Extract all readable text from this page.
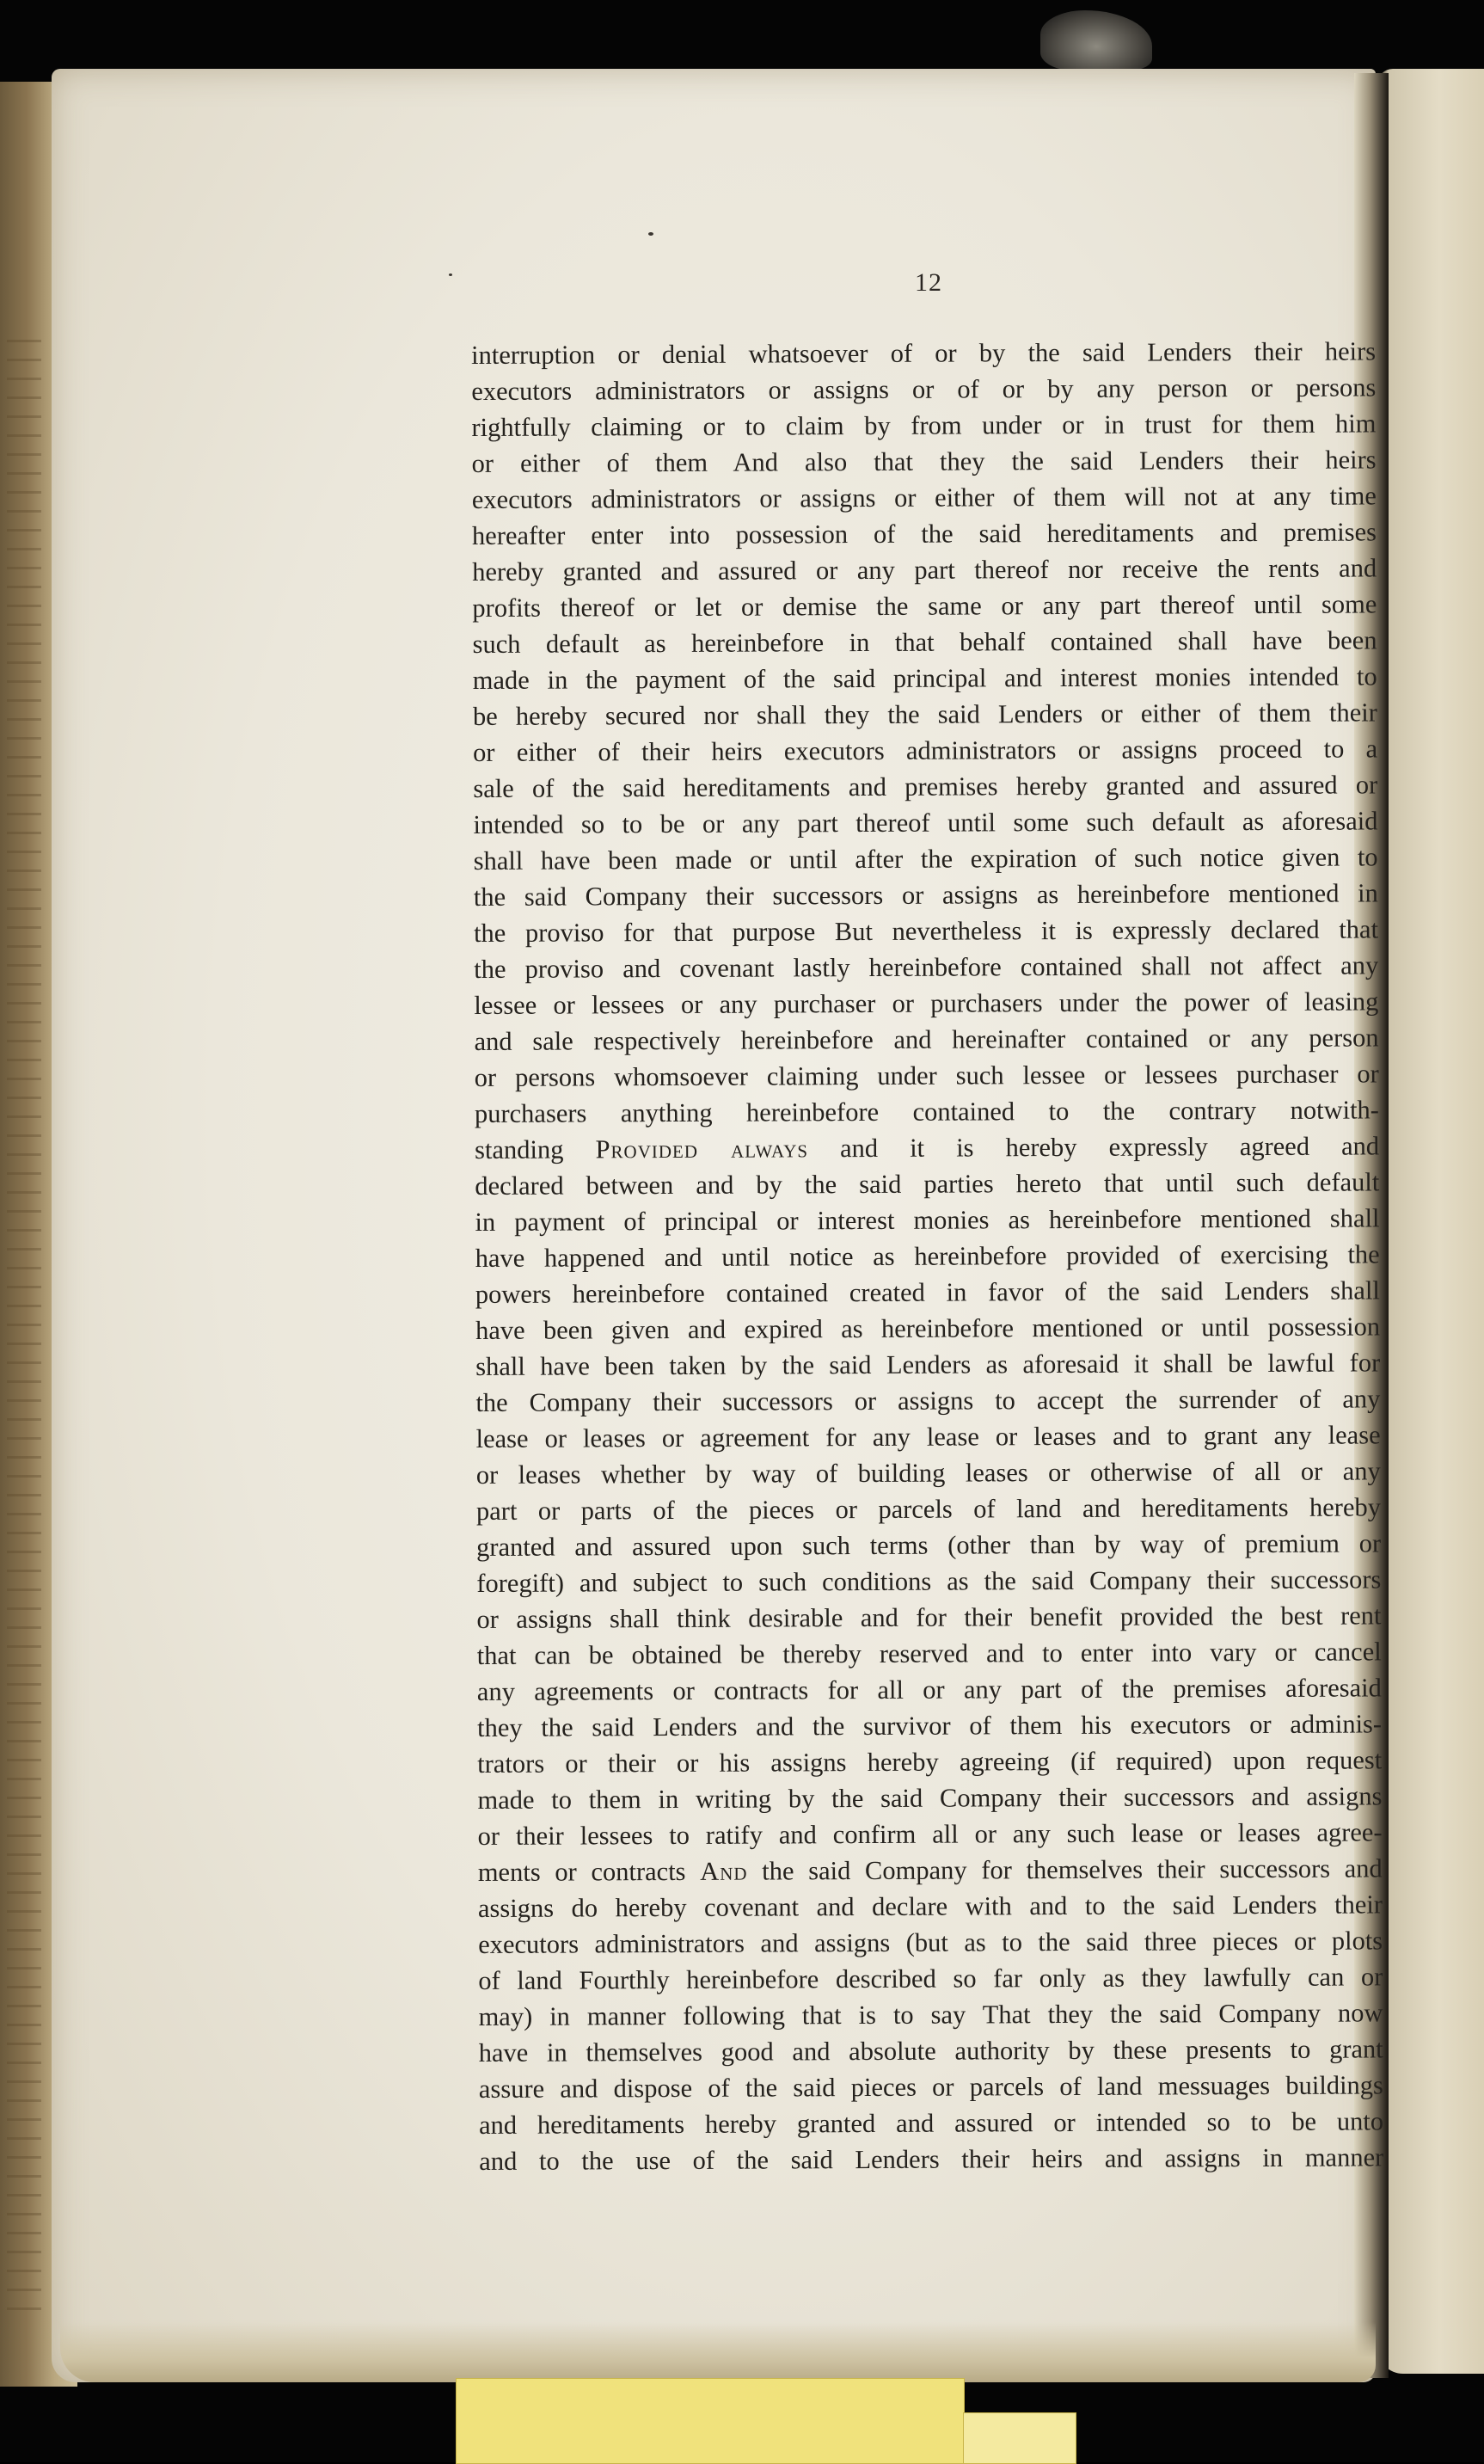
12
interruption or denial whatsoever of or by the said Lenders their heirs
executors administrators or assigns or of or by any person or persons
rightfully claiming or to claim by from under or in trust for them him
or either of them And also that they the said Lenders their heirs
executors administrators or assigns or either of them will not at any time
hereafter enter into possession of the said hereditaments and premises
hereby granted and assured or any part thereof nor receive the rents and
profits thereof or let or demise the same or any part thereof until some
such default as hereinbefore in that behalf contained shall have been
made in the payment of the said principal and interest monies intended to
be hereby secured nor shall they the said Lenders or either of them their
or either of their heirs executors administrators or assigns proceed to a
sale of the said hereditaments and premises hereby granted and assured or
intended so to be or any part thereof until some such default as aforesaid
shall have been made or until after the expiration of such notice given to
the said Company their successors or assigns as hereinbefore mentioned in
the proviso for that purpose But nevertheless it is expressly declared that
the proviso and covenant lastly hereinbefore contained shall not affect any
lessee or lessees or any purchaser or purchasers under the power of leasing
and sale respectively hereinbefore and hereinafter contained or any person
or persons whomsoever claiming under such lessee or lessees purchaser or
purchasers anything hereinbefore contained to the contrary notwith-
standing Provided always and it is hereby expressly agreed and
declared between and by the said parties hereto that until such default
in payment of principal or interest monies as hereinbefore mentioned shall
have happened and until notice as hereinbefore provided of exercising the
powers hereinbefore contained created in favor of the said Lenders shall
have been given and expired as hereinbefore mentioned or until possession
shall have been taken by the said Lenders as aforesaid it shall be lawful for
the Company their successors or assigns to accept the surrender of any
lease or leases or agreement for any lease or leases and to grant any lease
or leases whether by way of building leases or otherwise of all or any
part or parts of the pieces or parcels of land and hereditaments hereby
granted and assured upon such terms (other than by way of premium or
foregift) and subject to such conditions as the said Company their successors
or assigns shall think desirable and for their benefit provided the best rent
that can be obtained be thereby reserved and to enter into vary or cancel
any agreements or contracts for all or any part of the premises aforesaid
they the said Lenders and the survivor of them his executors or adminis-
trators or their or his assigns hereby agreeing (if required) upon request
made to them in writing by the said Company their successors and assigns
or their lessees to ratify and confirm all or any such lease or leases agree-
ments or contracts And the said Company for themselves their successors and
assigns do hereby covenant and declare with and to the said Lenders their
executors administrators and assigns (but as to the said three pieces or plots
of land Fourthly hereinbefore described so far only as they lawfully can or
may) in manner following that is to say That they the said Company now
have in themselves good and absolute authority by these presents to grant
assure and dispose of the said pieces or parcels of land messuages buildings
and hereditaments hereby granted and assured or intended so to be unto
and to the use of the said Lenders their heirs and assigns in manner
